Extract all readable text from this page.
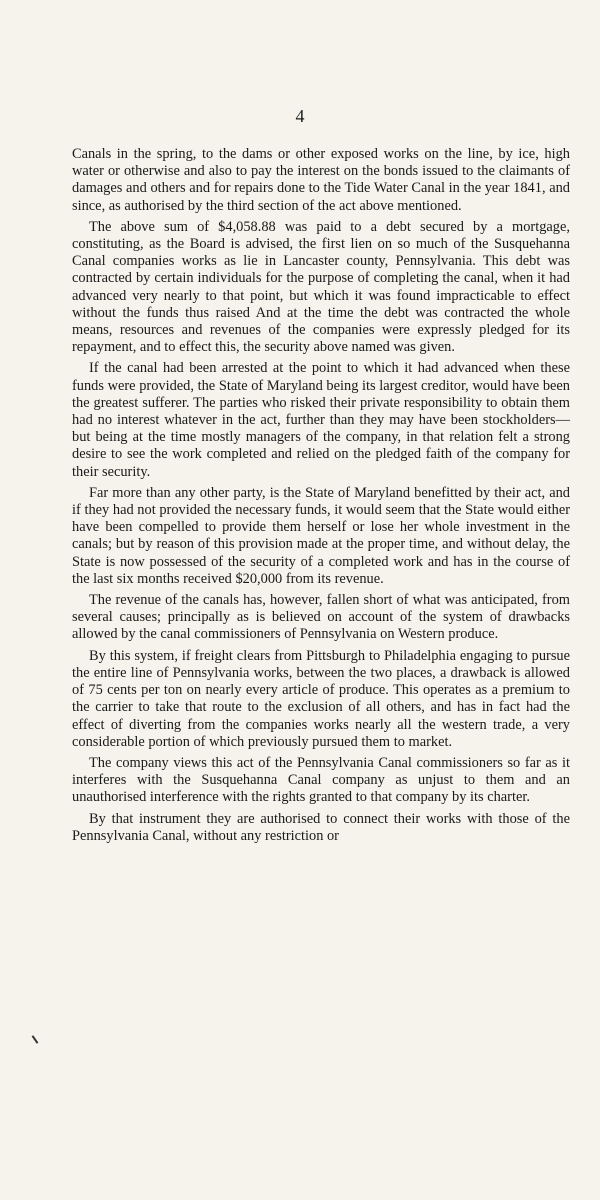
4

Canals in the spring, to the dams or other exposed works on the line, by ice, high water or otherwise and also to pay the interest on the bonds issued to the claimants of damages and others and for repairs done to the Tide Water Canal in the year 1841, and since, as authorised by the third section of the act above mentioned.

The above sum of $4,058.88 was paid to a debt secured by a mortgage, constituting, as the Board is advised, the first lien on so much of the Susquehanna Canal companies works as lie in Lancaster county, Pennsylvania. This debt was contracted by certain individuals for the purpose of completing the canal, when it had advanced very nearly to that point, but which it was found impracticable to effect without the funds thus raised And at the time the debt was contracted the whole means, resources and revenues of the companies were expressly pledged for its repayment, and to effect this, the security above named was given.

If the canal had been arrested at the point to which it had advanced when these funds were provided, the State of Maryland being its largest creditor, would have been the greatest sufferer. The parties who risked their private responsibility to obtain them had no interest whatever in the act, further than they may have been stockholders—but being at the time mostly managers of the company, in that relation felt a strong desire to see the work completed and relied on the pledged faith of the company for their security.

Far more than any other party, is the State of Maryland benefitted by their act, and if they had not provided the necessary funds, it would seem that the State would either have been compelled to provide them herself or lose her whole investment in the canals; but by reason of this provision made at the proper time, and without delay, the State is now possessed of the security of a completed work and has in the course of the last six months received $20,000 from its revenue.

The revenue of the canals has, however, fallen short of what was anticipated, from several causes; principally as is believed on account of the system of drawbacks allowed by the canal commissioners of Pennsylvania on Western produce.

By this system, if freight clears from Pittsburgh to Philadelphia engaging to pursue the entire line of Pennsylvania works, between the two places, a drawback is allowed of 75 cents per ton on nearly every article of produce. This operates as a premium to the carrier to take that route to the exclusion of all others, and has in fact had the effect of diverting from the companies works nearly all the western trade, a very considerable portion of which previously pursued them to market.

The company views this act of the Pennsylvania Canal commissioners so far as it interferes with the Susquehanna Canal company as unjust to them and an unauthorised interference with the rights granted to that company by its charter.

By that instrument they are authorised to connect their works with those of the Pennsylvania Canal, without any restriction or
